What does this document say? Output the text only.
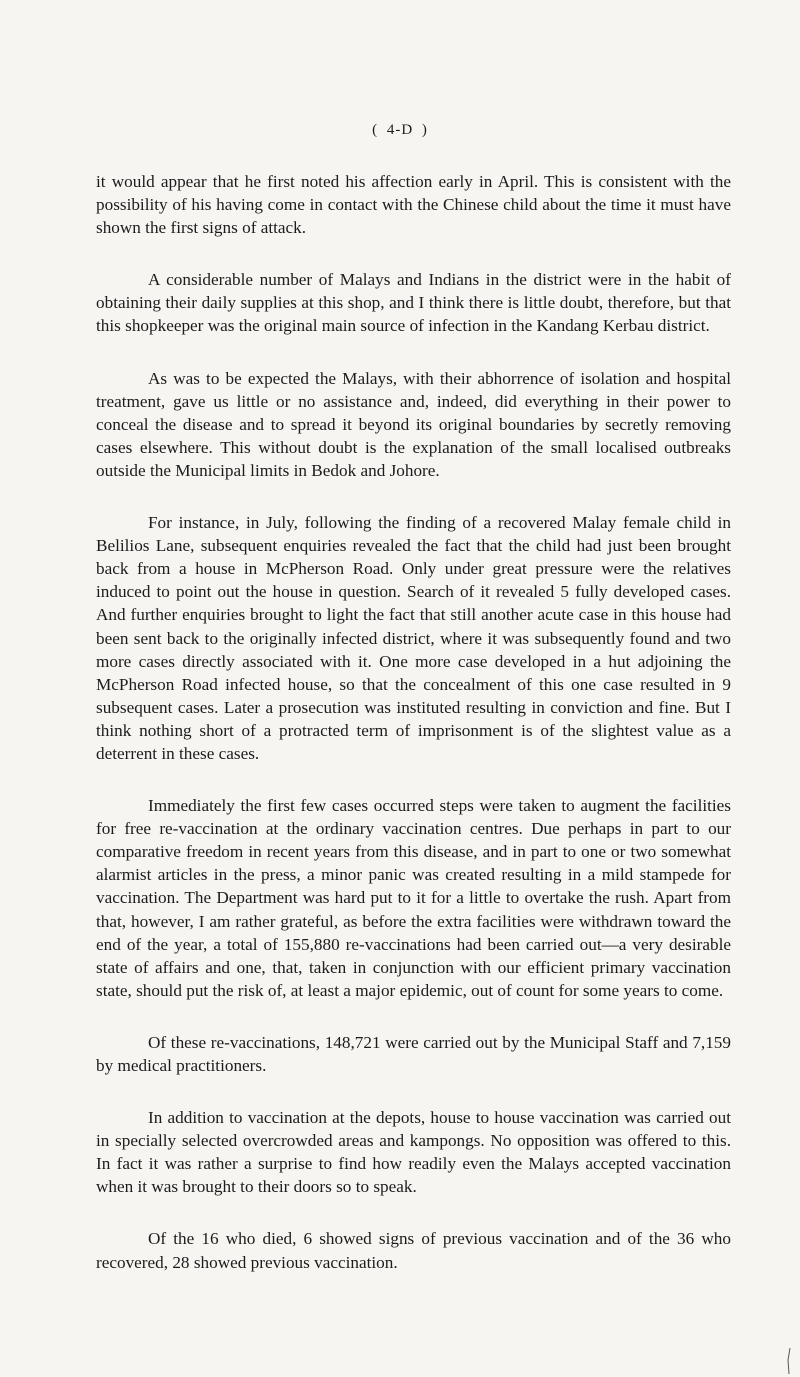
( 4-D )

it would appear that he first noted his affection early in April. This is consistent with the possibility of his having come in contact with the Chinese child about the time it must have shown the first signs of attack.

A considerable number of Malays and Indians in the district were in the habit of obtaining their daily supplies at this shop, and I think there is little doubt, therefore, but that this shopkeeper was the original main source of infection in the Kandang Kerbau district.

As was to be expected the Malays, with their abhorrence of isolation and hospital treatment, gave us little or no assistance and, indeed, did everything in their power to conceal the disease and to spread it beyond its original boundaries by secretly removing cases elsewhere. This without doubt is the explanation of the small localised outbreaks outside the Municipal limits in Bedok and Johore.

For instance, in July, following the finding of a recovered Malay female child in Belilios Lane, subsequent enquiries revealed the fact that the child had just been brought back from a house in McPherson Road. Only under great pressure were the relatives induced to point out the house in question. Search of it revealed 5 fully developed cases. And further enquiries brought to light the fact that still another acute case in this house had been sent back to the originally infected district, where it was subsequently found and two more cases directly associated with it. One more case developed in a hut adjoining the McPherson Road infected house, so that the concealment of this one case resulted in 9 subsequent cases. Later a prosecution was instituted resulting in conviction and fine. But I think nothing short of a protracted term of imprisonment is of the slightest value as a deterrent in these cases.

Immediately the first few cases occurred steps were taken to augment the facilities for free re-vaccination at the ordinary vaccination centres. Due perhaps in part to our comparative freedom in recent years from this disease, and in part to one or two somewhat alarmist articles in the press, a minor panic was created resulting in a mild stampede for vaccination. The Department was hard put to it for a little to overtake the rush. Apart from that, however, I am rather grateful, as before the extra facilities were withdrawn toward the end of the year, a total of 155,880 re-vaccinations had been carried out—a very desirable state of affairs and one, that, taken in conjunction with our efficient primary vaccination state, should put the risk of, at least a major epidemic, out of count for some years to come.

Of these re-vaccinations, 148,721 were carried out by the Municipal Staff and 7,159 by medical practitioners.

In addition to vaccination at the depots, house to house vaccination was carried out in specially selected overcrowded areas and kampongs. No opposition was offered to this. In fact it was rather a surprise to find how readily even the Malays accepted vaccination when it was brought to their doors so to speak.

Of the 16 who died, 6 showed signs of previous vaccination and of the 36 who recovered, 28 showed previous vaccination.
